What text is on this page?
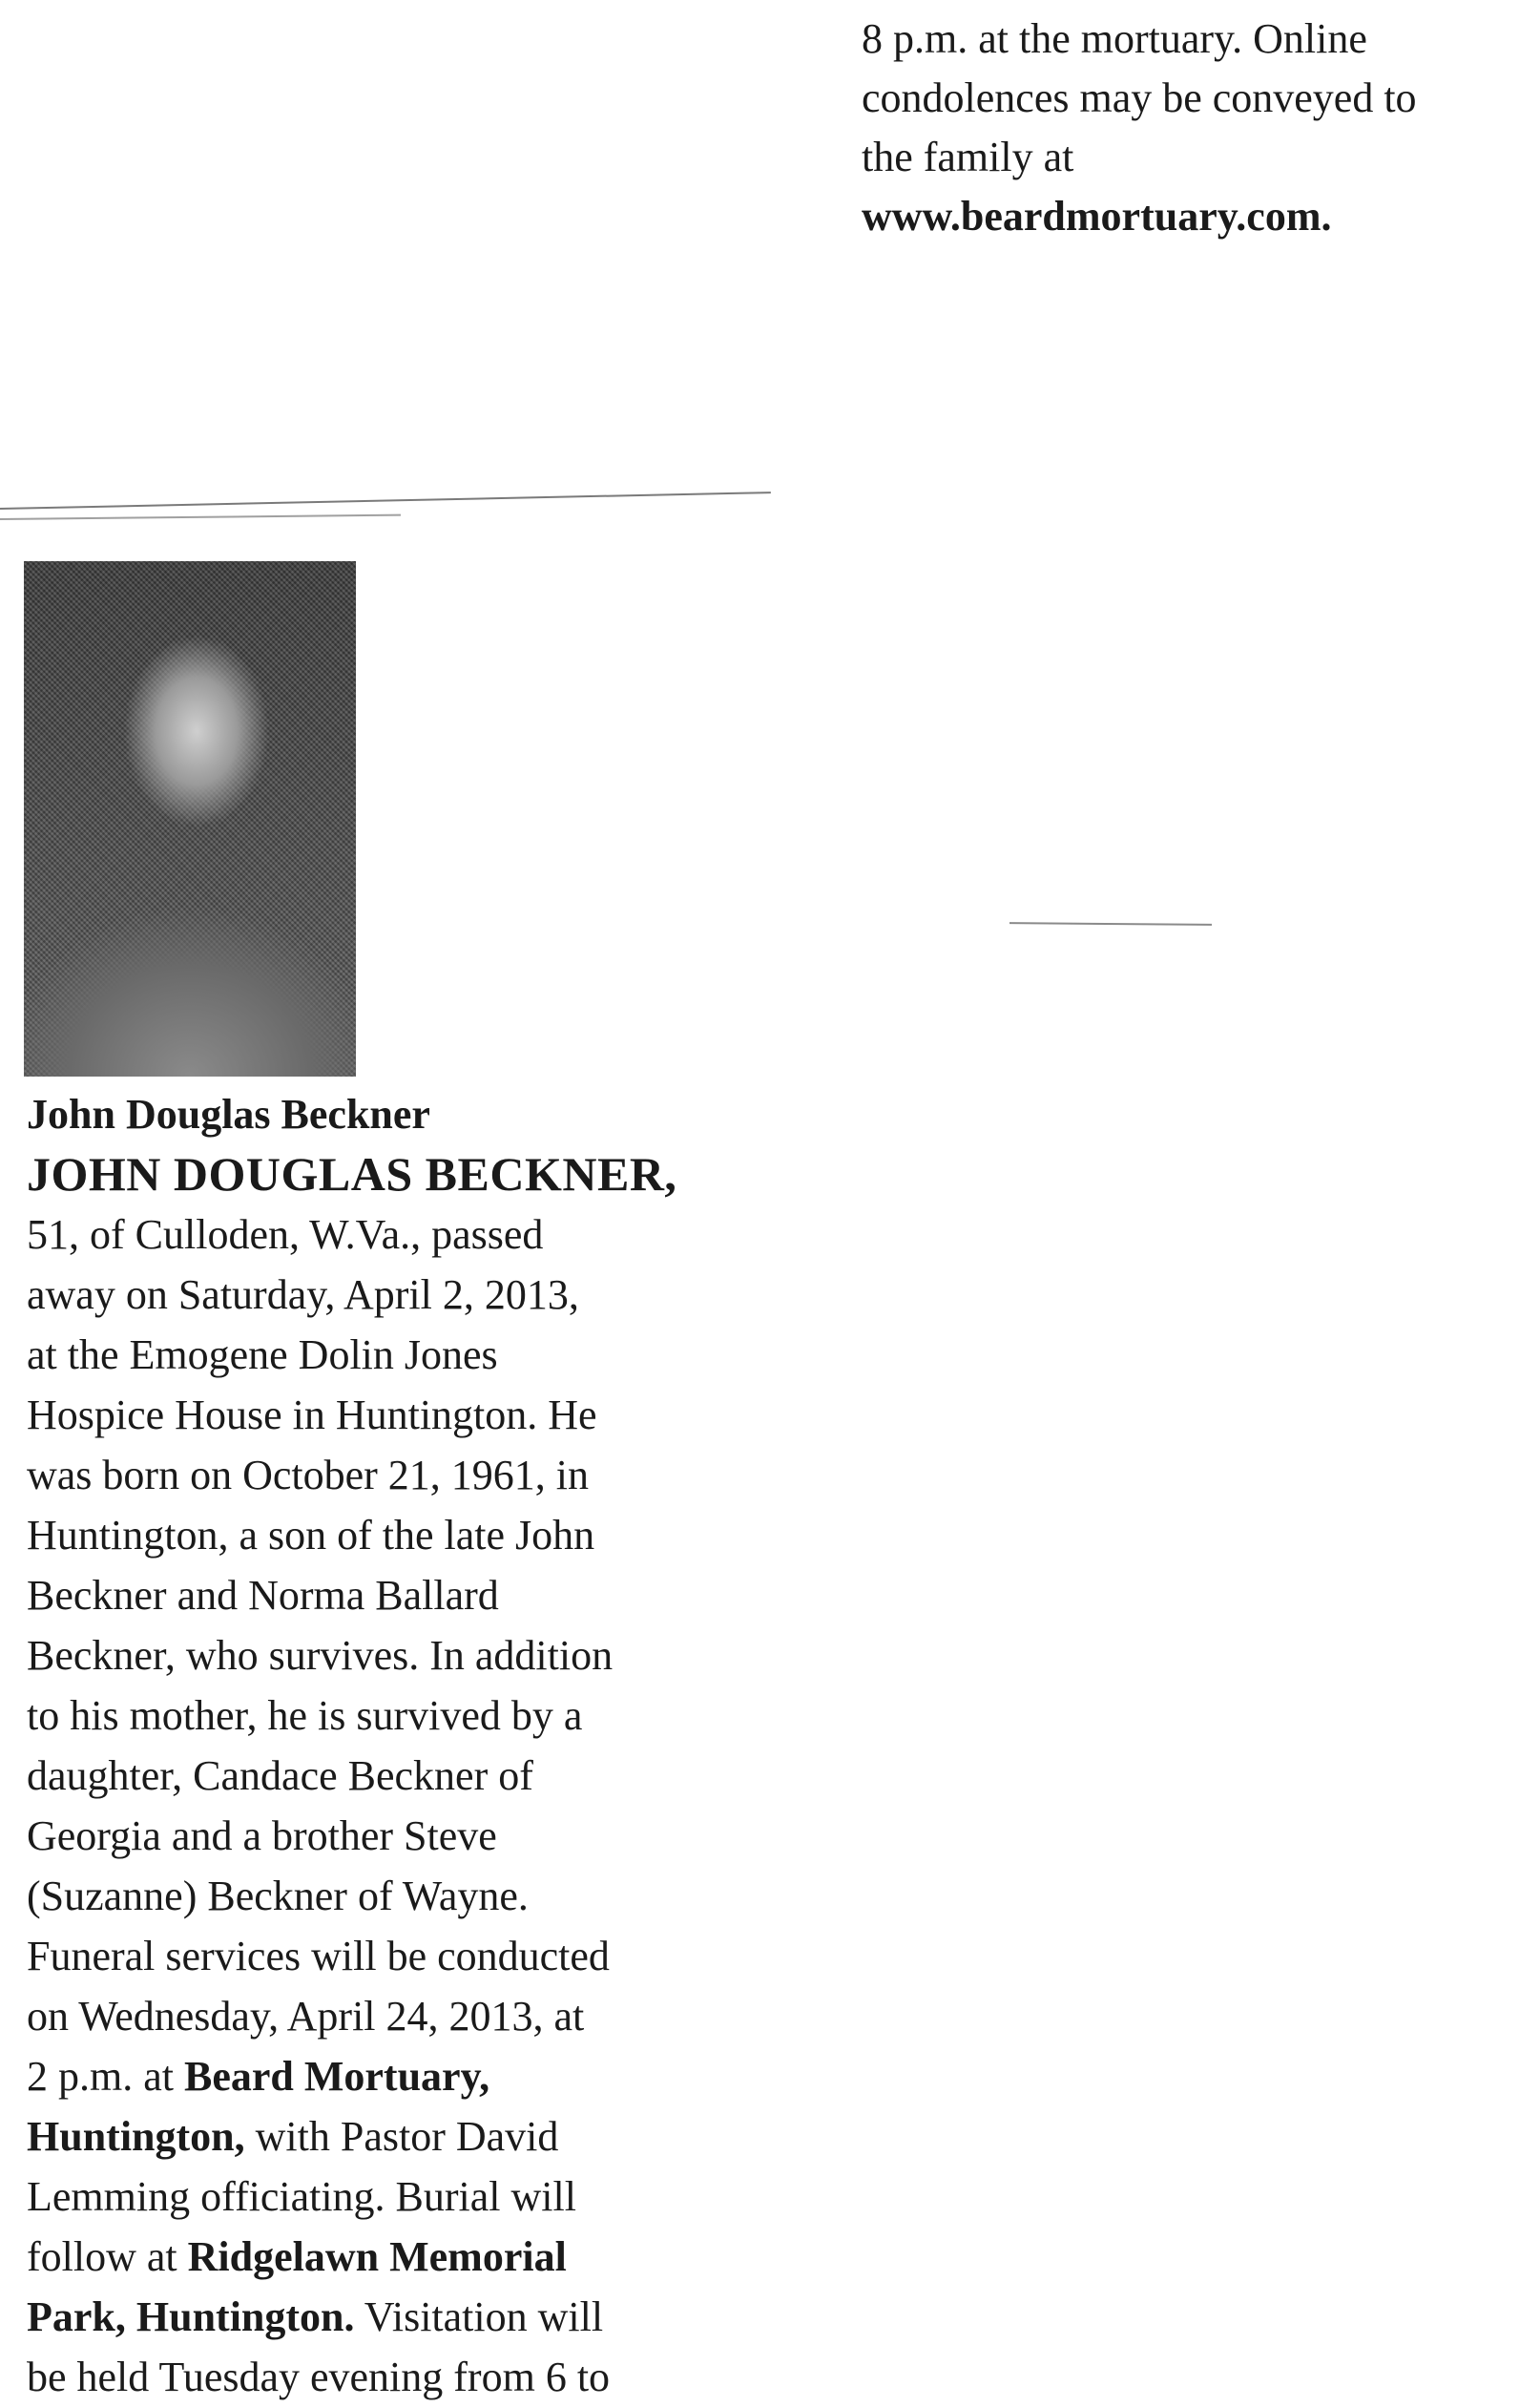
8 p.m. at the mortuary. Online
condolences may be conveyed to
the family at
www.beardmortuary.com.
John Douglas Beckner
JOHN DOUGLAS BECKNER,
51, of Culloden, W.Va., passed
away on Saturday, April 2, 2013,
at the Emogene Dolin Jones
Hospice House in Huntington. He
was born on October 21, 1961, in
Huntington, a son of the late John
Beckner and Norma Ballard
Beckner, who survives. In addition
to his mother, he is survived by a
daughter, Candace Beckner of
Georgia and a brother Steve
(Suzanne) Beckner of Wayne.
Funeral services will be conducted
on Wednesday, April 24, 2013, at
2 p.m. at Beard Mortuary,
Huntington, with Pastor David
Lemming officiating. Burial will
follow at Ridgelawn Memorial
Park, Huntington. Visitation will
be held Tuesday evening from 6 to
